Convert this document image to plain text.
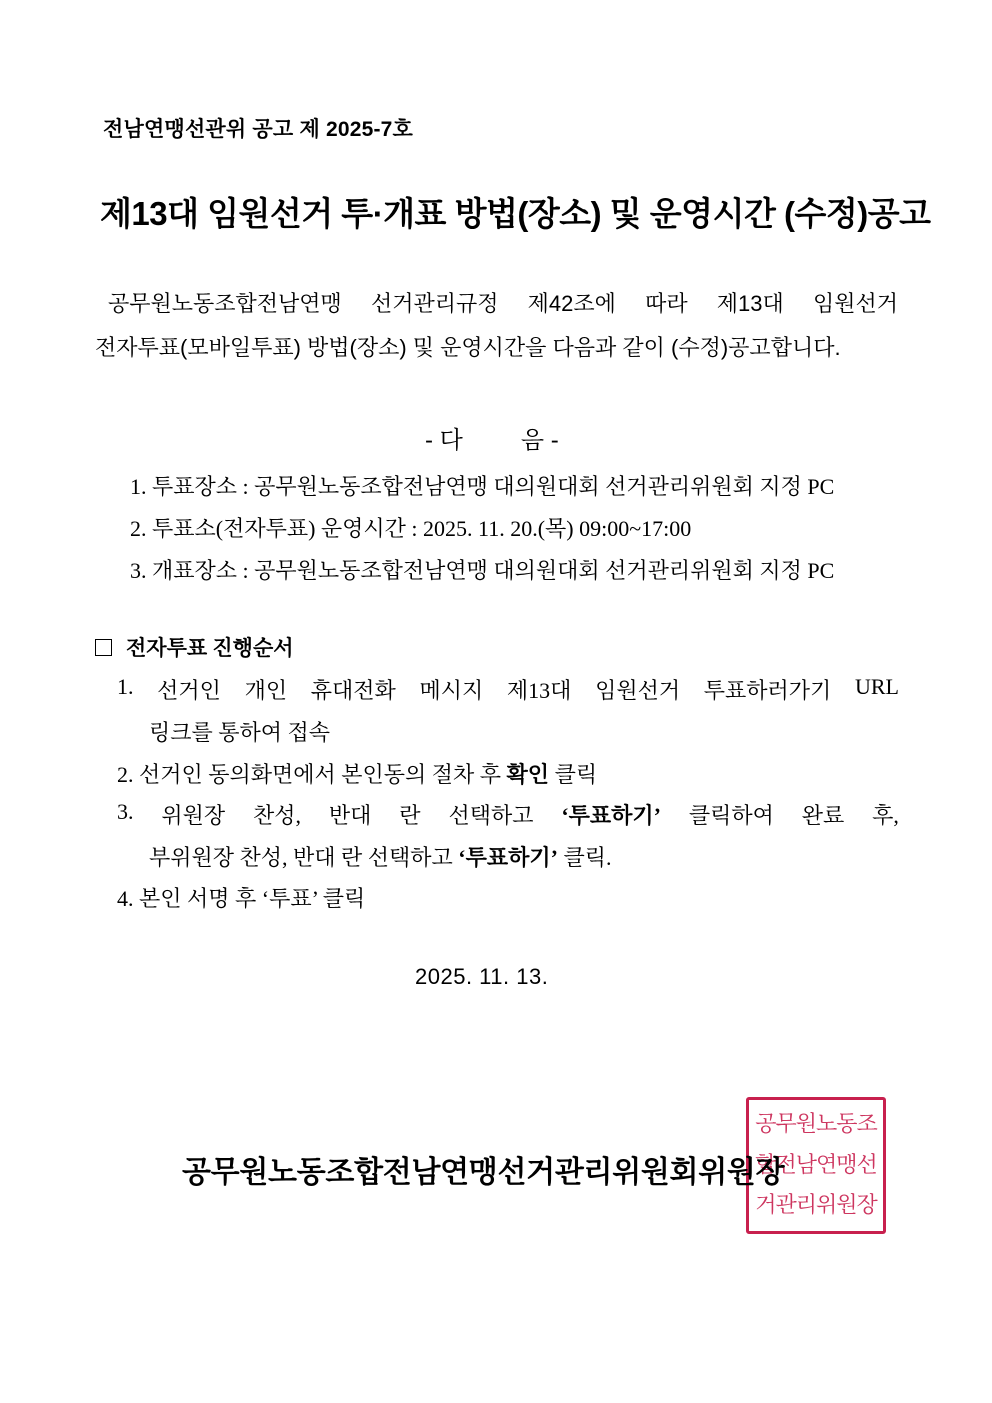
전남연맹선관위 공고 제 2025-7호
제13대 임원선거 투·개표 방법(장소) 및 운영시간 (수정)공고
공무원노동조합전남연맹 선거관리규정 제42조에 따라 제13대 임원선거
전자투표(모바일투표) 방법(장소) 및 운영시간을 다음과 같이 (수정)공고합니다.
- 다 음 -
1. 투표장소 : 공무원노동조합전남연맹 대의원대회 선거관리위원회 지정 PC
2. 투표소(전자투표) 운영시간 : 2025. 11. 20.(목) 09:00~17:00
3. 개표장소 : 공무원노동조합전남연맹 대의원대회 선거관리위원회 지정 PC
전자투표 진행순서
1. 선거인 개인 휴대전화 메시지 제13대 임원선거 투표하러가기 URL
링크를 통하여 접속
2. 선거인 동의화면에서 본인동의 절차 후 확인 클릭
3. 위원장 찬성, 반대 란 선택하고 ‘투표하기’ 클릭하여 완료 후,
부위원장 찬성, 반대 란 선택하고 ‘투표하기’ 클릭.
4. 본인 서명 후 ‘투표’ 클릭
2025. 11. 13.
공무원노동조
합전남연맹선
거관리위원장
공무원노동조합전남연맹선거관리위원회위원장
